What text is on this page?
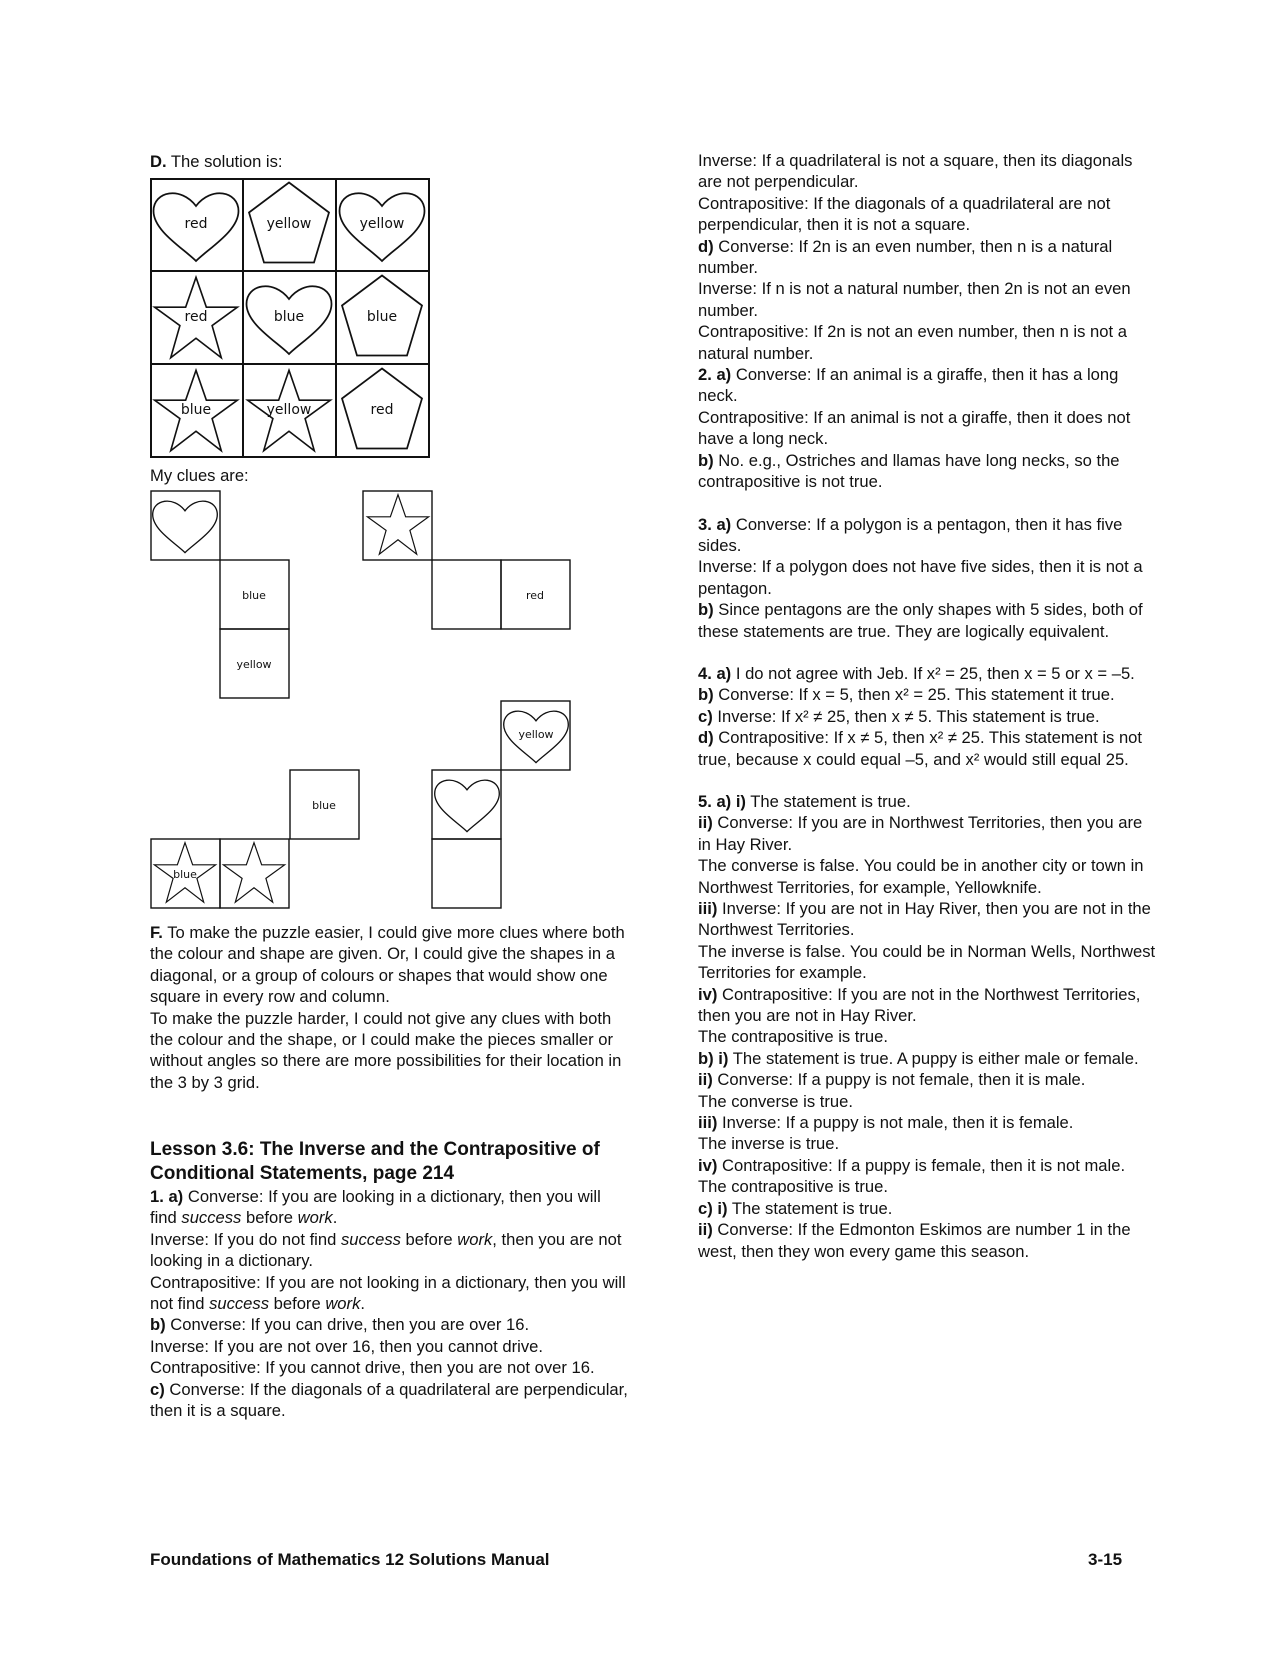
D. The solution is:
red	yellow	yellow
red	blue	blue
blue	yellow	red
My clues are:
blue
yellow
red
yellow
blue
blue

F. To make the puzzle easier, I could give more clues where both the colour and shape are given. Or, I could give the shapes in a diagonal, or a group of colours or shapes that would show one square in every row and column.

To make the puzzle harder, I could not give any clues with both the colour and the shape, or I could make the pieces smaller or without angles so there are more possibilities for their location in the 3 by 3 grid.

Lesson 3.6: The Inverse and the Contrapositive of Conditional Statements, page 214

1. a) Converse: If you are looking in a dictionary, then you will find success before work.

Inverse: If you do not find success before work, then you are not looking in a dictionary.

Contrapositive: If you are not looking in a dictionary, then you will not find success before work.

b) Converse: If you can drive, then you are over 16.

Inverse: If you are not over 16, then you cannot drive.

Contrapositive: If you cannot drive, then you are not over 16.

c) Converse: If the diagonals of a quadrilateral are perpendicular, then it is a square.

Inverse: If a quadrilateral is not a square, then its diagonals are not perpendicular.

Contrapositive: If the diagonals of a quadrilateral are not perpendicular, then it is not a square.

d) Converse: If 2n is an even number, then n is a natural number.

Inverse: If n is not a natural number, then 2n is not an even number.

Contrapositive: If 2n is not an even number, then n is not a natural number.

2. a) Converse: If an animal is a giraffe, then it has a long neck.

Contrapositive: If an animal is not a giraffe, then it does not have a long neck.

b) No. e.g., Ostriches and llamas have long necks, so the contrapositive is not true.

3. a) Converse: If a polygon is a pentagon, then it has five sides.

Inverse: If a polygon does not have five sides, then it is not a pentagon.

b) Since pentagons are the only shapes with 5 sides, both of these statements are true. They are logically equivalent.

4. a) I do not agree with Jeb. If x² = 25, then x = 5 or x = –5.

b) Converse: If x = 5, then x² = 25. This statement it true.

c) Inverse: If x² ≠ 25, then x ≠ 5. This statement is true.

d) Contrapositive: If x ≠ 5, then x² ≠ 25. This statement is not true, because x could equal –5, and x² would still equal 25.

5. a) i) The statement is true.

ii) Converse: If you are in Northwest Territories, then you are in Hay River.

The converse is false. You could be in another city or town in Northwest Territories, for example, Yellowknife.

iii) Inverse: If you are not in Hay River, then you are not in the Northwest Territories.

The inverse is false. You could be in Norman Wells, Northwest Territories for example.

iv) Contrapositive: If you are not in the Northwest Territories, then you are not in Hay River.

The contrapositive is true.

b) i) The statement is true. A puppy is either male or female.

ii) Converse: If a puppy is not female, then it is male.

The converse is true.

iii) Inverse: If a puppy is not male, then it is female.

The inverse is true.

iv) Contrapositive: If a puppy is female, then it is not male.

The contrapositive is true.

c) i) The statement is true.

ii) Converse: If the Edmonton Eskimos are number 1 in the west, then they won every game this season.

Foundations of Mathematics 12 Solutions Manual	3-15
